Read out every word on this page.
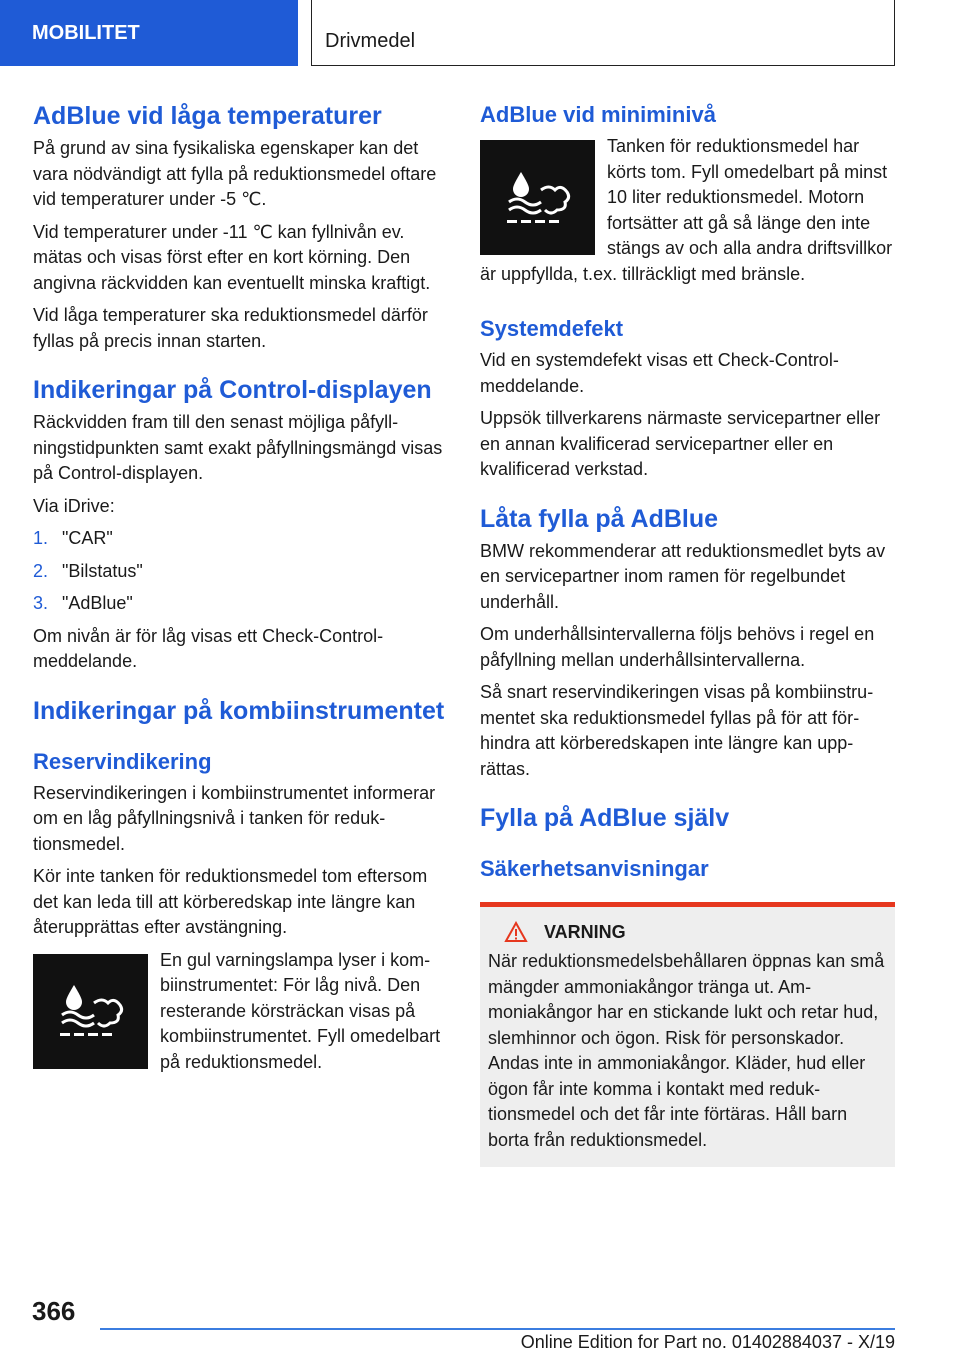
MOBILITET	Drivmedel
AdBlue vid låga temperaturer

På grund av sina fysikaliska egenskaper kan det vara nödvändigt att fylla på reduktionsmedel oftare vid temperaturer under -5 ℃.

Vid temperaturer under -11 ℃ kan fyllnivån ev. mätas och visas först efter en kort körning. Den angivna räckvidden kan eventuellt minska kraftigt.

Vid låga temperaturer ska reduktionsmedel därför fyllas på precis innan starten.

Indikeringar på Control-displayen

Räckvidden fram till den senast möjliga påfyllningstidpunkten samt exakt påfyllningsmängd visas på Control-displayen.

Via iDrive:

1. "CAR"
2. "Bilstatus"
3. "AdBlue"

Om nivån är för låg visas ett Check-Control-meddelande.

Indikeringar på kombiinstrumentet
Reservindikering

Reservindikeringen i kombiinstrumentet informerar om en låg påfyllningsnivå i tanken för reduktionsmedel.

Kör inte tanken för reduktionsmedel tom eftersom det kan leda till att körberedskap inte längre kan återupprättas efter avstängning.

En gul varningslampa lyser i kombiinstrumentet: För låg nivå. Den resterande körsträckan visas på kombiinstrumentet. Fyll omedelbart på reduktionsmedel.

AdBlue vid miniminivå

Tanken för reduktionsmedel har körts tom. Fyll omedelbart på minst 10 liter reduktionsmedel. Motorn fortsätter att gå så länge den inte stängs av och alla andra driftsvillkor är uppfyllda, t.ex. tillräckligt med bränsle.

Systemdefekt

Vid en systemdefekt visas ett Check-Control-meddelande.

Uppsök tillverkarens närmaste servicepartner eller en annan kvalificerad servicepartner eller en kvalificerad verkstad.

Låta fylla på AdBlue

BMW rekommenderar att reduktionsmedlet byts av en servicepartner inom ramen för regelbundet underhåll.

Om underhållsintervallerna följs behövs i regel en påfyllning mellan underhållsintervallerna.

Så snart reservindikeringen visas på kombiinstrumentet ska reduktionsmedel fyllas på för att förhindra att körberedskapen inte längre kan upprättas.

Fylla på AdBlue själv
Säkerhetsanvisningar
VARNING

När reduktionsmedelsbehållaren öppnas kan små mängder ammoniakångor tränga ut. Ammoniakångor har en stickande lukt och retar hud, slemhinnor och ögon. Risk för personskador. Andas inte in ammoniakångor. Kläder, hud eller ögon får inte komma i kontakt med reduktionsmedel och det får inte förtäras. Håll barn borta från reduktionsmedel.

366
Online Edition for Part no. 01402884037 - X/19
